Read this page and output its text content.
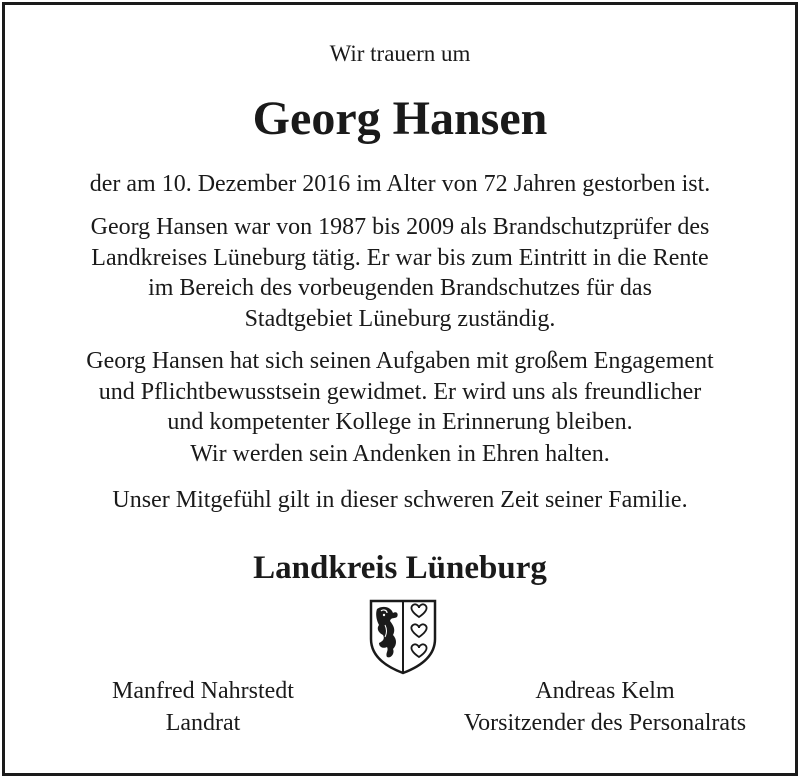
Wir trauern um
Georg Hansen
der am 10. Dezember 2016 im Alter von 72 Jahren gestorben ist.
Georg Hansen war von 1987 bis 2009 als Brandschutzprüfer des
Landkreises Lüneburg tätig. Er war bis zum Eintritt in die Rente
im Bereich des vorbeugenden Brandschutzes für das
Stadtgebiet Lüneburg zuständig.
Georg Hansen hat sich seinen Aufgaben mit großem Engagement
und Pflichtbewusstsein gewidmet. Er wird uns als freundlicher
und kompetenter Kollege in Erinnerung bleiben.
Wir werden sein Andenken in Ehren halten.
Unser Mitgefühl gilt in dieser schweren Zeit seiner Familie.
Landkreis Lüneburg
Manfred Nahrstedt
Landrat
Andreas Kelm
Vorsitzender des Personalrats
